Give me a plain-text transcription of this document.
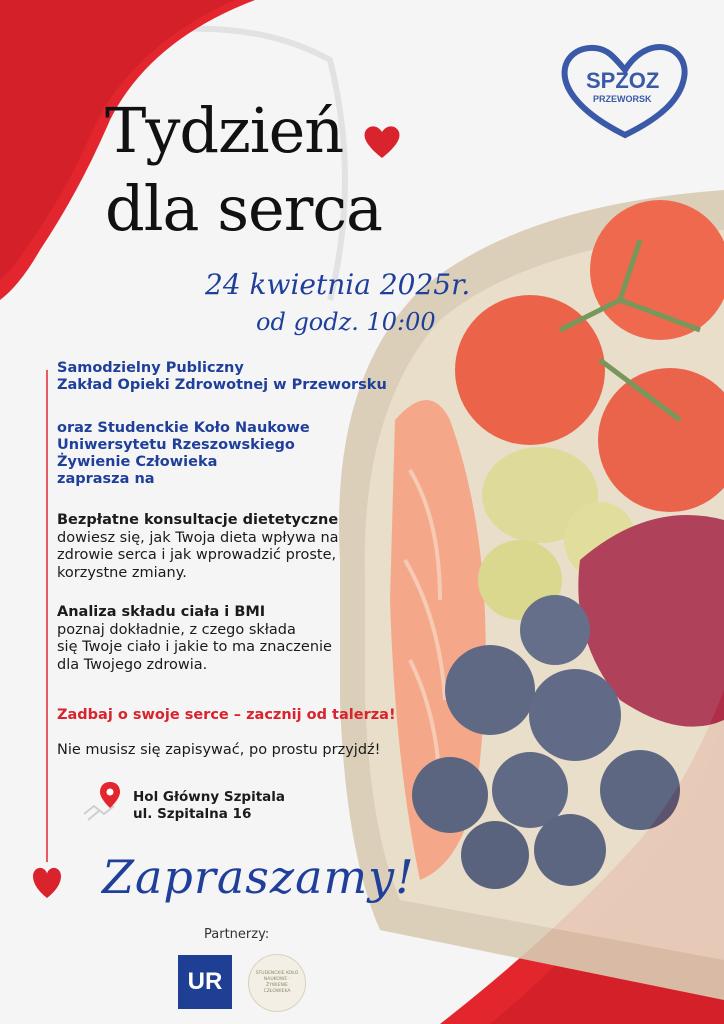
SPZOZ
PRZEWORSK
Tydzień
dla serca
24 kwietnia 2025r.
od godz. 10:00
Samodzielny Publiczny
Zakład Opieki Zdrowotnej w Przeworsku
oraz Studenckie Koło Naukowe
Uniwersytetu Rzeszowskiego
Żywienie Człowieka
zaprasza na
Bezpłatne konsultacje dietetyczne
dowiesz się, jak Twoja dieta wpływa na
zdrowie serca i jak wprowadzić proste,
korzystne zmiany.
Analiza składu ciała i BMI
poznaj dokładnie, z czego składa
się Twoje ciało i jakie to ma znaczenie
dla Twojego zdrowia.
Zadbaj o swoje serce – zacznij od talerza!
Nie musisz się zapisywać, po prostu przyjdź!
Hol Główny Szpitala
ul. Szpitalna 16
Zapraszamy!
Partnerzy:
UR	STUDENCKIE KOŁO NAUKOWE · ŻYWIENIE CZŁOWIEKA
